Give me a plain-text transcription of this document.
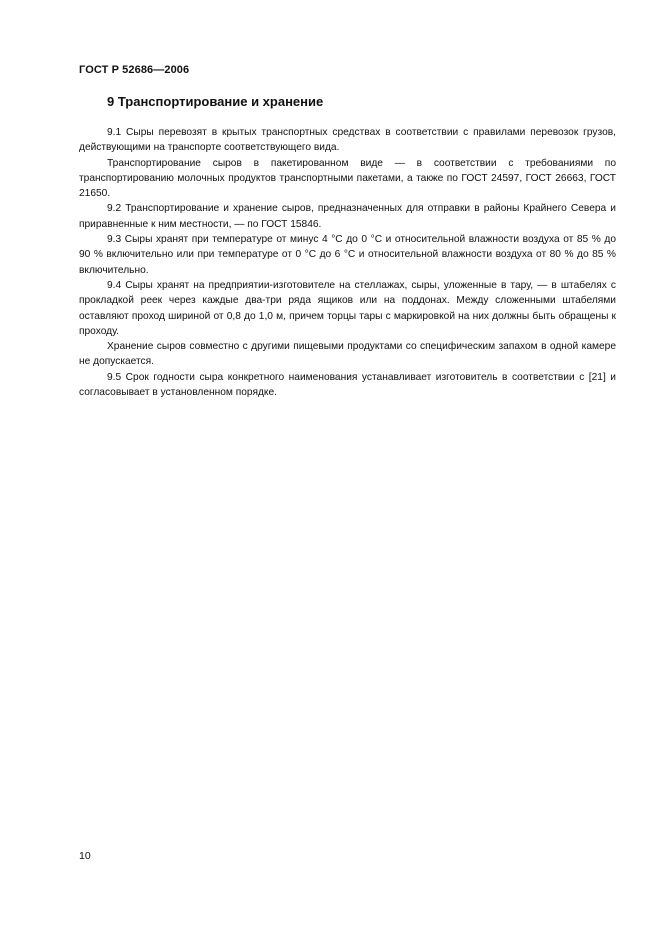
ГОСТ Р 52686—2006
9 Транспортирование и хранение

9.1 Сыры перевозят в крытых транспортных средствах в соответствии с правилами перевозок грузов, действующими на транспорте соответствующего вида.

Транспортирование сыров в пакетированном виде — в соответствии с требованиями по транспортированию молочных продуктов транспортными пакетами, а также по ГОСТ 24597, ГОСТ 26663, ГОСТ 21650.

9.2 Транспортирование и хранение сыров, предназначенных для отправки в районы Крайнего Севера и приравненные к ним местности, — по ГОСТ 15846.

9.3 Сыры хранят при температуре от минус 4 °С до 0 °С и относительной влажности воздуха от 85 % до 90 % включительно или при температуре от 0 °С до 6 °С и относительной влажности воздуха от 80 % до 85 % включительно.

9.4 Сыры хранят на предприятии-изготовителе на стеллажах, сыры, уложенные в тару, — в штабелях с прокладкой реек через каждые два-три ряда ящиков или на поддонах. Между сложенными штабелями оставляют проход шириной от 0,8 до 1,0 м, причем торцы тары с маркировкой на них должны быть обращены к проходу.

Хранение сыров совместно с другими пищевыми продуктами со специфическим запахом в одной камере не допускается.

9.5 Срок годности сыра конкретного наименования устанавливает изготовитель в соответствии с [21] и согласовывает в установленном порядке.

10
